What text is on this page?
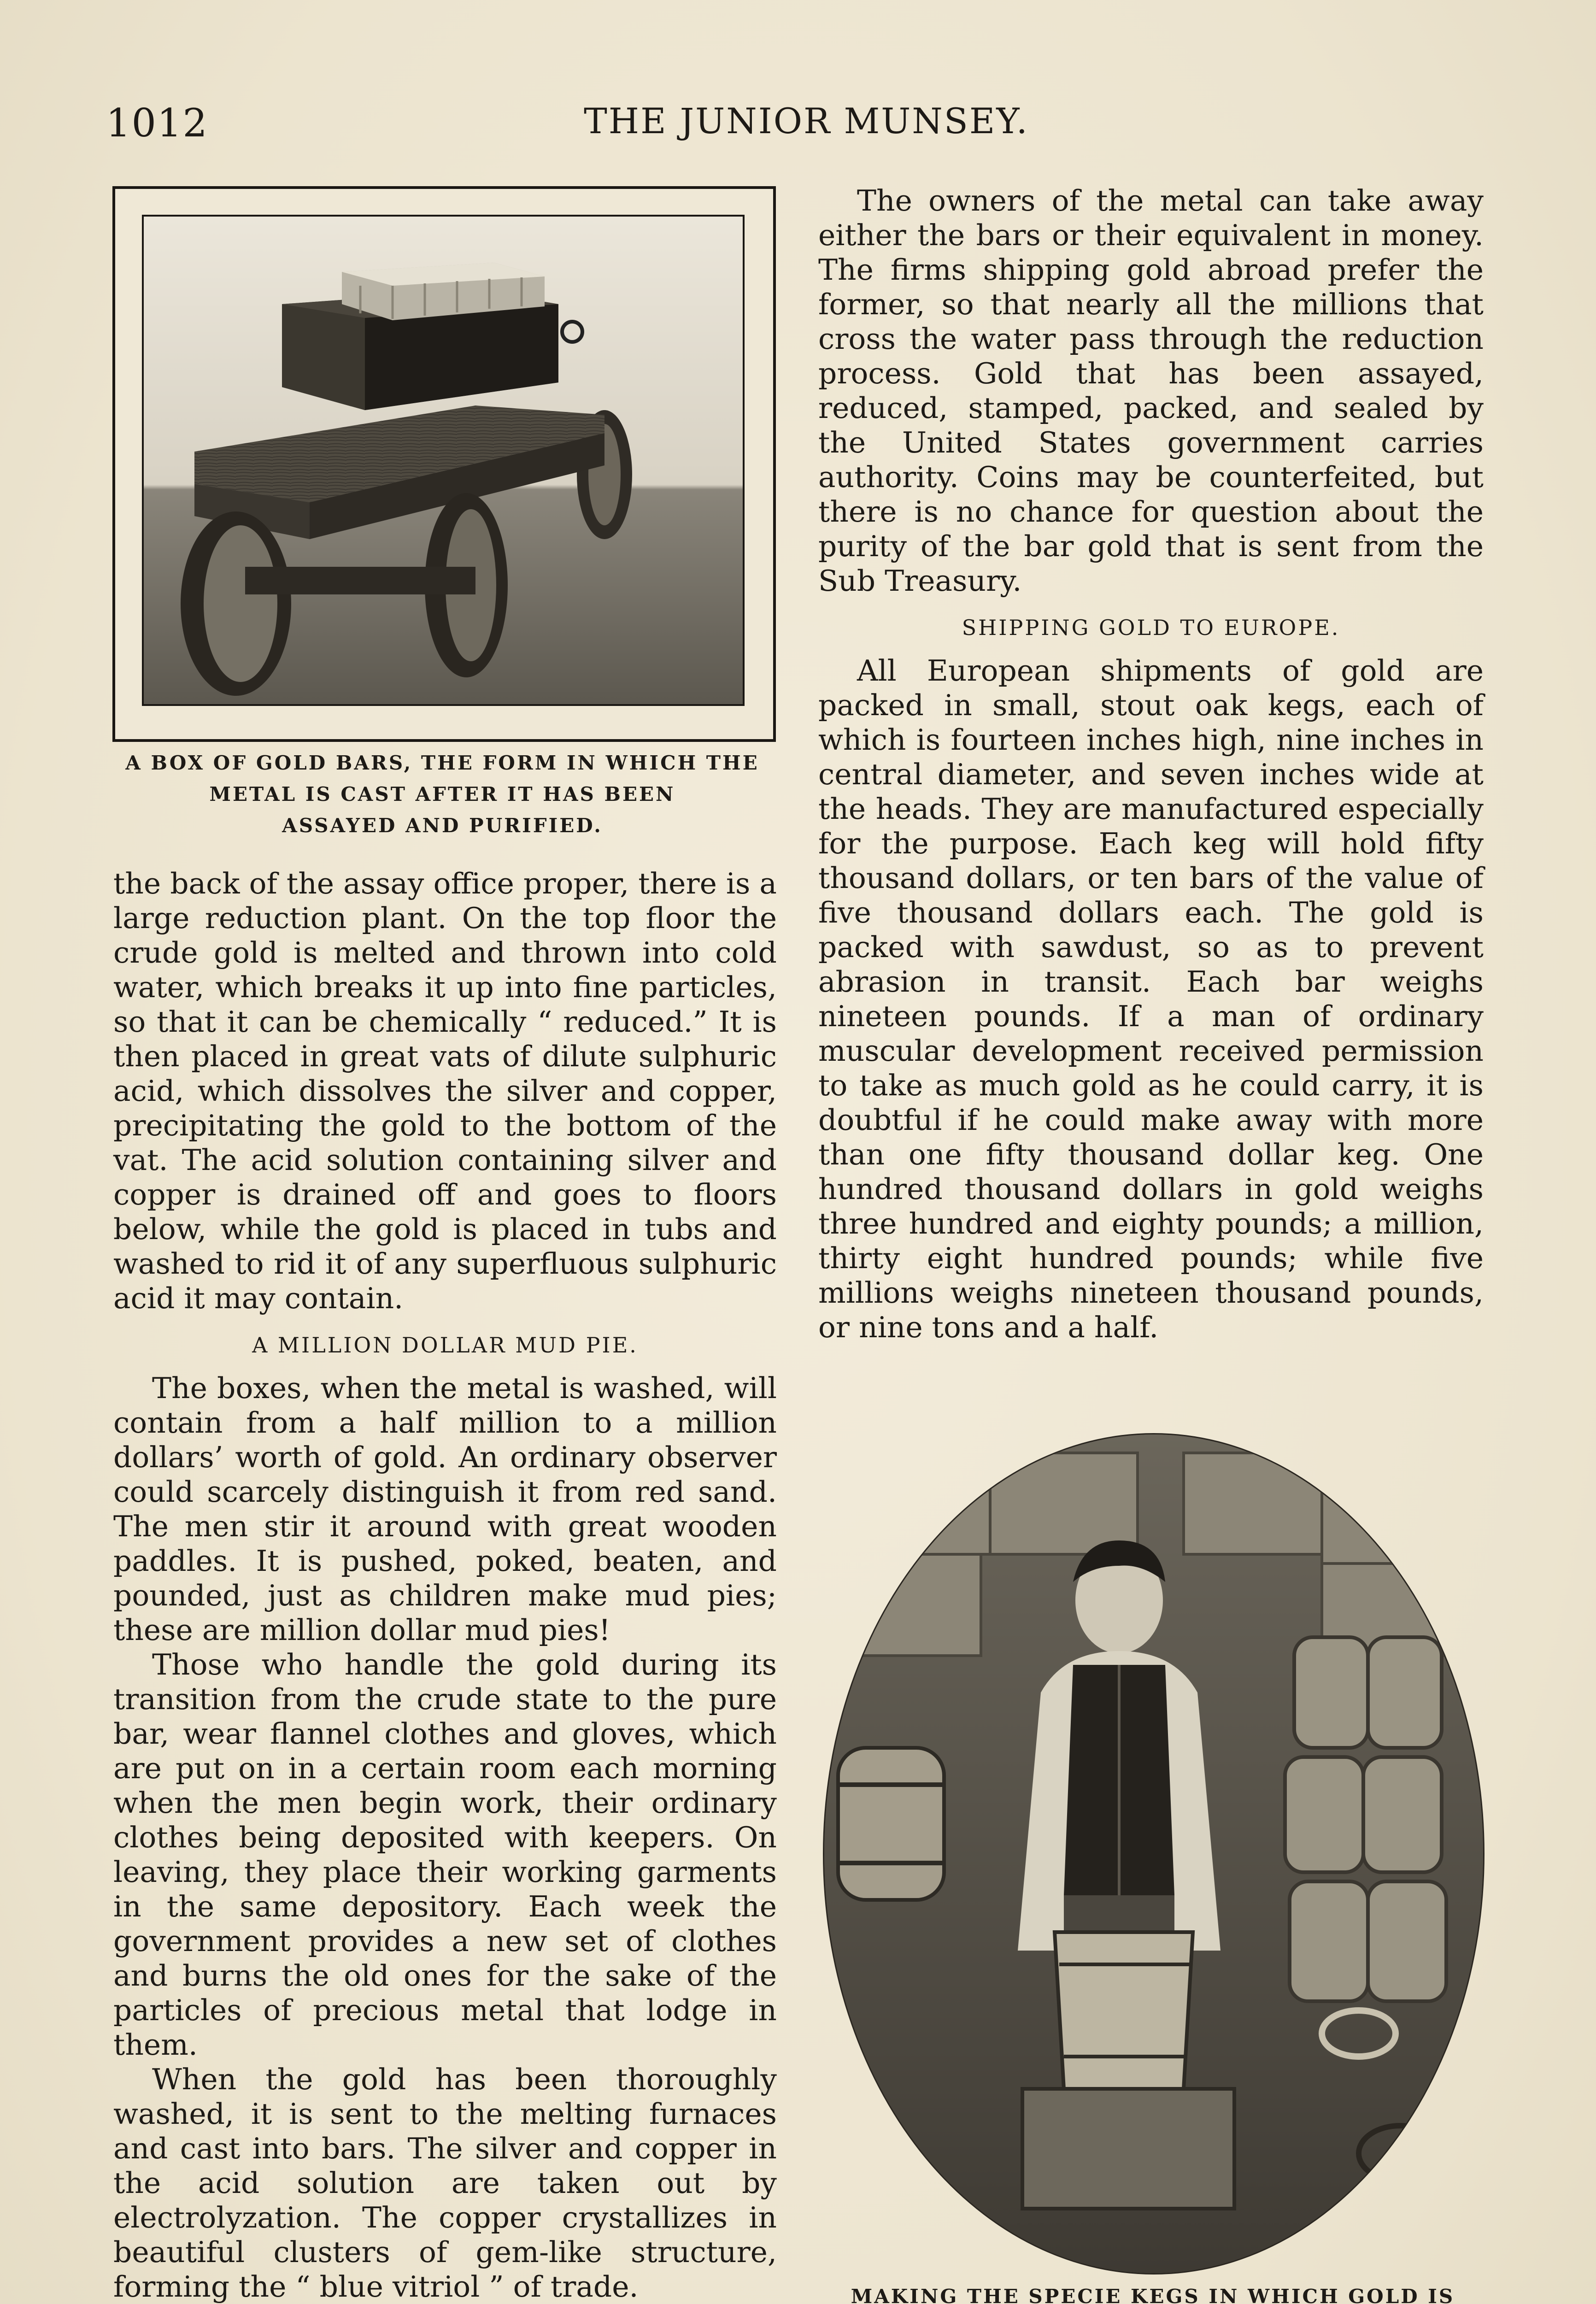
1012	THE JUNIOR MUNSEY.
A BOX OF GOLD BARS, THE FORM IN WHICH THE
METAL IS CAST AFTER IT HAS BEEN
ASSAYED AND PURIFIED.

the back of the assay office proper, there is a large reduction plant. On the top floor the crude gold is melted and thrown into cold water, which breaks it up into fine particles, so that it can be chemically “ reduced.” It is then placed in great vats of dilute sulphuric acid, which dissolves the silver and copper, precipitating the gold to the bottom of the vat. The acid solution containing silver and copper is drained off and goes to floors below, while the gold is placed in tubs and washed to rid it of any superfluous sulphuric acid it may contain.

A MILLION DOLLAR MUD PIE.

The boxes, when the metal is washed, will contain from a half million to a million dollars’ worth of gold. An ordinary observer could scarcely distinguish it from red sand. The men stir it around with great wooden paddles. It is pushed, poked, beaten, and pounded, just as children make mud pies; these are million dollar mud pies!

Those who handle the gold during its transition from the crude state to the pure bar, wear flannel clothes and gloves, which are put on in a certain room each morning when the men begin work, their ordinary clothes being deposited with keepers. On leaving, they place their working garments in the same depository. Each week the government provides a new set of clothes and burns the old ones for the sake of the particles of precious metal that lodge in them.

When the gold has been thoroughly washed, it is sent to the melting furnaces and cast into bars. The silver and copper in the acid solution are taken out by electrolyzation. The copper crystallizes in beautiful clusters of gem-like structure, forming the “ blue vitriol ” of trade.

The owners of the metal can take away either the bars or their equivalent in money. The firms shipping gold abroad prefer the former, so that nearly all the millions that cross the water pass through the reduction process. Gold that has been assayed, reduced, stamped, packed, and sealed by the United States government carries authority. Coins may be counterfeited, but there is no chance for question about the purity of the bar gold that is sent from the Sub Treasury.

SHIPPING GOLD TO EUROPE.

All European shipments of gold are packed in small, stout oak kegs, each of which is fourteen inches high, nine inches in central diameter, and seven inches wide at the heads. They are manufactured especially for the purpose. Each keg will hold fifty thousand dollars, or ten bars of the value of five thousand dollars each. The gold is packed with sawdust, so as to prevent abrasion in transit. Each bar weighs nineteen pounds. If a man of ordinary muscular development received permission to take as much gold as he could carry, it is doubtful if he could make away with more than one fifty thousand dollar keg. One hundred thousand dollars in gold weighs three hundred and eighty pounds; a million, thirty eight hundred pounds; while five millions weighs nineteen thousand pounds, or nine tons and a half.

MAKING THE SPECIE KEGS IN WHICH GOLD IS
